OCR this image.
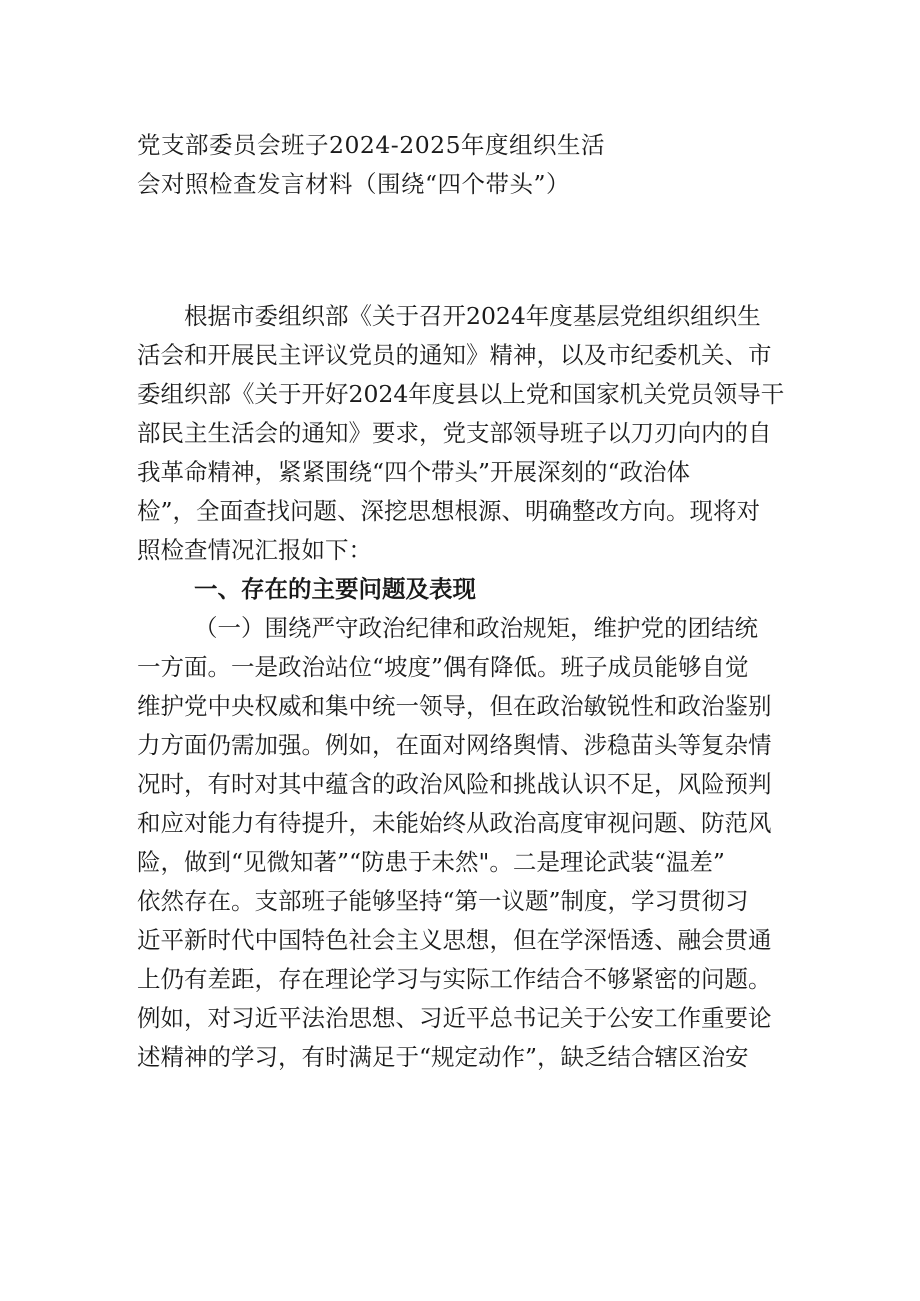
党支部委员会班子2024-2025年度组织生活
会对照检查发言材料（围绕“四个带头”）
根据市委组织部《关于召开2024年度基层党组织组织生
活会和开展民主评议党员的通知》精神，以及市纪委机关、市
委组织部《关于开好2024年度县以上党和国家机关党员领导干
部民主生活会的通知》要求，党支部领导班子以刀刃向内的自
我革命精神，紧紧围绕“四个带头”开展深刻的“政治体
检”，全面查找问题、深挖思想根源、明确整改方向。现将对
照检查情况汇报如下：
一、存在的主要问题及表现
（一）围绕严守政治纪律和政治规矩，维护党的团结统
一方面。一是政治站位“坡度”偶有降低。班子成员能够自觉
维护党中央权威和集中统一领导，但在政治敏锐性和政治鉴别
力方面仍需加强。例如，在面对网络舆情、涉稳苗头等复杂情
况时，有时对其中蕴含的政治风险和挑战认识不足，风险预判
和应对能力有待提升，未能始终从政治高度审视问题、防范风
险，做到“见微知著”“防患于未然"。二是理论武装“温差”
依然存在。支部班子能够坚持“第一议题”制度，学习贯彻习
近平新时代中国特色社会主义思想，但在学深悟透、融会贯通
上仍有差距，存在理论学习与实际工作结合不够紧密的问题。
例如，对习近平法治思想、习近平总书记关于公安工作重要论
述精神的学习，有时满足于“规定动作”，缺乏结合辖区治安
